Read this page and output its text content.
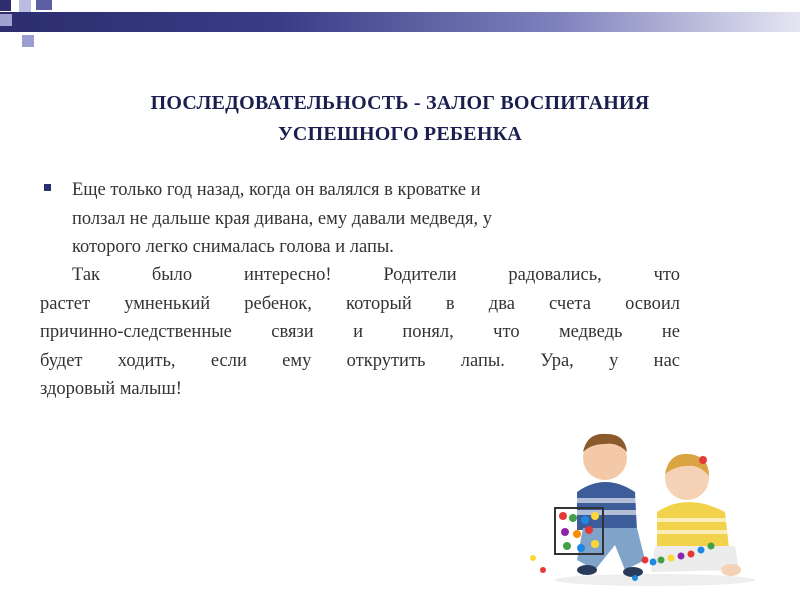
ПОСЛЕДОВАТЕЛЬНОСТЬ - ЗАЛОГ ВОСПИТАНИЯ
УСПЕШНОГО РЕБЕНКА
Еще только год назад, когда он валялся в кроватке и
ползал не дальше края дивана, ему давали медведя, у
которого легко снималась голова и лапы.
Так было интересно! Родители радовались, что
растет умненький ребенок, который в два счета освоил
причинно-следственные связи и понял, что медведь не
будет ходить, если ему открутить лапы. Ура, у нас
здоровый малыш!
